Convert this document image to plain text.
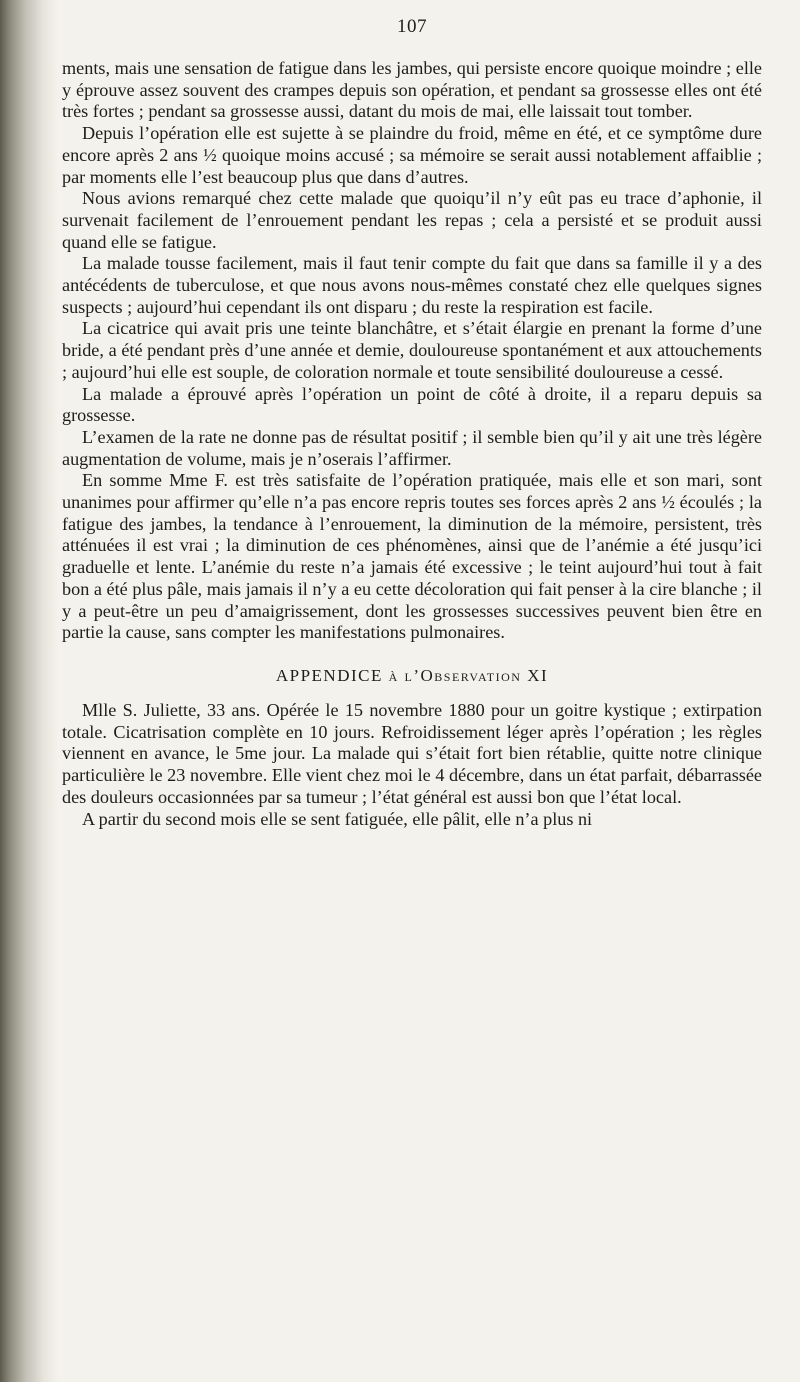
107

ments, mais une sensation de fatigue dans les jambes, qui persiste encore quoique moindre ; elle y éprouve assez souvent des crampes depuis son opération, et pendant sa grossesse elles ont été très fortes ; pendant sa grossesse aussi, datant du mois de mai, elle laissait tout tomber.

Depuis l’opération elle est sujette à se plaindre du froid, même en été, et ce symptôme dure encore après 2 ans ½ quoique moins accusé ; sa mémoire se serait aussi notablement affaiblie ; par moments elle l’est beaucoup plus que dans d’autres.

Nous avions remarqué chez cette malade que quoiqu’il n’y eût pas eu trace d’aphonie, il survenait facilement de l’enrouement pendant les repas ; cela a persisté et se produit aussi quand elle se fatigue.

La malade tousse facilement, mais il faut tenir compte du fait que dans sa famille il y a des antécédents de tuberculose, et que nous avons nous-mêmes constaté chez elle quelques signes suspects ; aujourd’hui cependant ils ont disparu ; du reste la respiration est facile.

La cicatrice qui avait pris une teinte blanchâtre, et s’était élargie en prenant la forme d’une bride, a été pendant près d’une année et demie, douloureuse spontanément et aux attouchements ; aujourd’hui elle est souple, de coloration normale et toute sensibilité douloureuse a cessé.

La malade a éprouvé après l’opération un point de côté à droite, il a reparu depuis sa grossesse.

L’examen de la rate ne donne pas de résultat positif ; il semble bien qu’il y ait une très légère augmentation de volume, mais je n’oserais l’affirmer.

En somme Mme F. est très satisfaite de l’opération pratiquée, mais elle et son mari, sont unanimes pour affirmer qu’elle n’a pas encore repris toutes ses forces après 2 ans ½ écoulés ; la fatigue des jambes, la tendance à l’enrouement, la diminution de la mémoire, persistent, très atténuées il est vrai ; la diminution de ces phénomènes, ainsi que de l’anémie a été jusqu’ici graduelle et lente. L’anémie du reste n’a jamais été excessive ; le teint aujourd’hui tout à fait bon a été plus pâle, mais jamais il n’y a eu cette décoloration qui fait penser à la cire blanche ; il y a peut-être un peu d’amaigrissement, dont les grossesses successives peuvent bien être en partie la cause, sans compter les manifestations pulmonaires.

APPENDICE à l’Observation XI

Mlle S. Juliette, 33 ans. Opérée le 15 novembre 1880 pour un goitre kystique ; extirpation totale. Cicatrisation complète en 10 jours. Refroidissement léger après l’opération ; les règles viennent en avance, le 5me jour. La malade qui s’était fort bien rétablie, quitte notre clinique particulière le 23 novembre. Elle vient chez moi le 4 décembre, dans un état parfait, débarrassée des douleurs occasionnées par sa tumeur ; l’état général est aussi bon que l’état local.

A partir du second mois elle se sent fatiguée, elle pâlit, elle n’a plus ni
